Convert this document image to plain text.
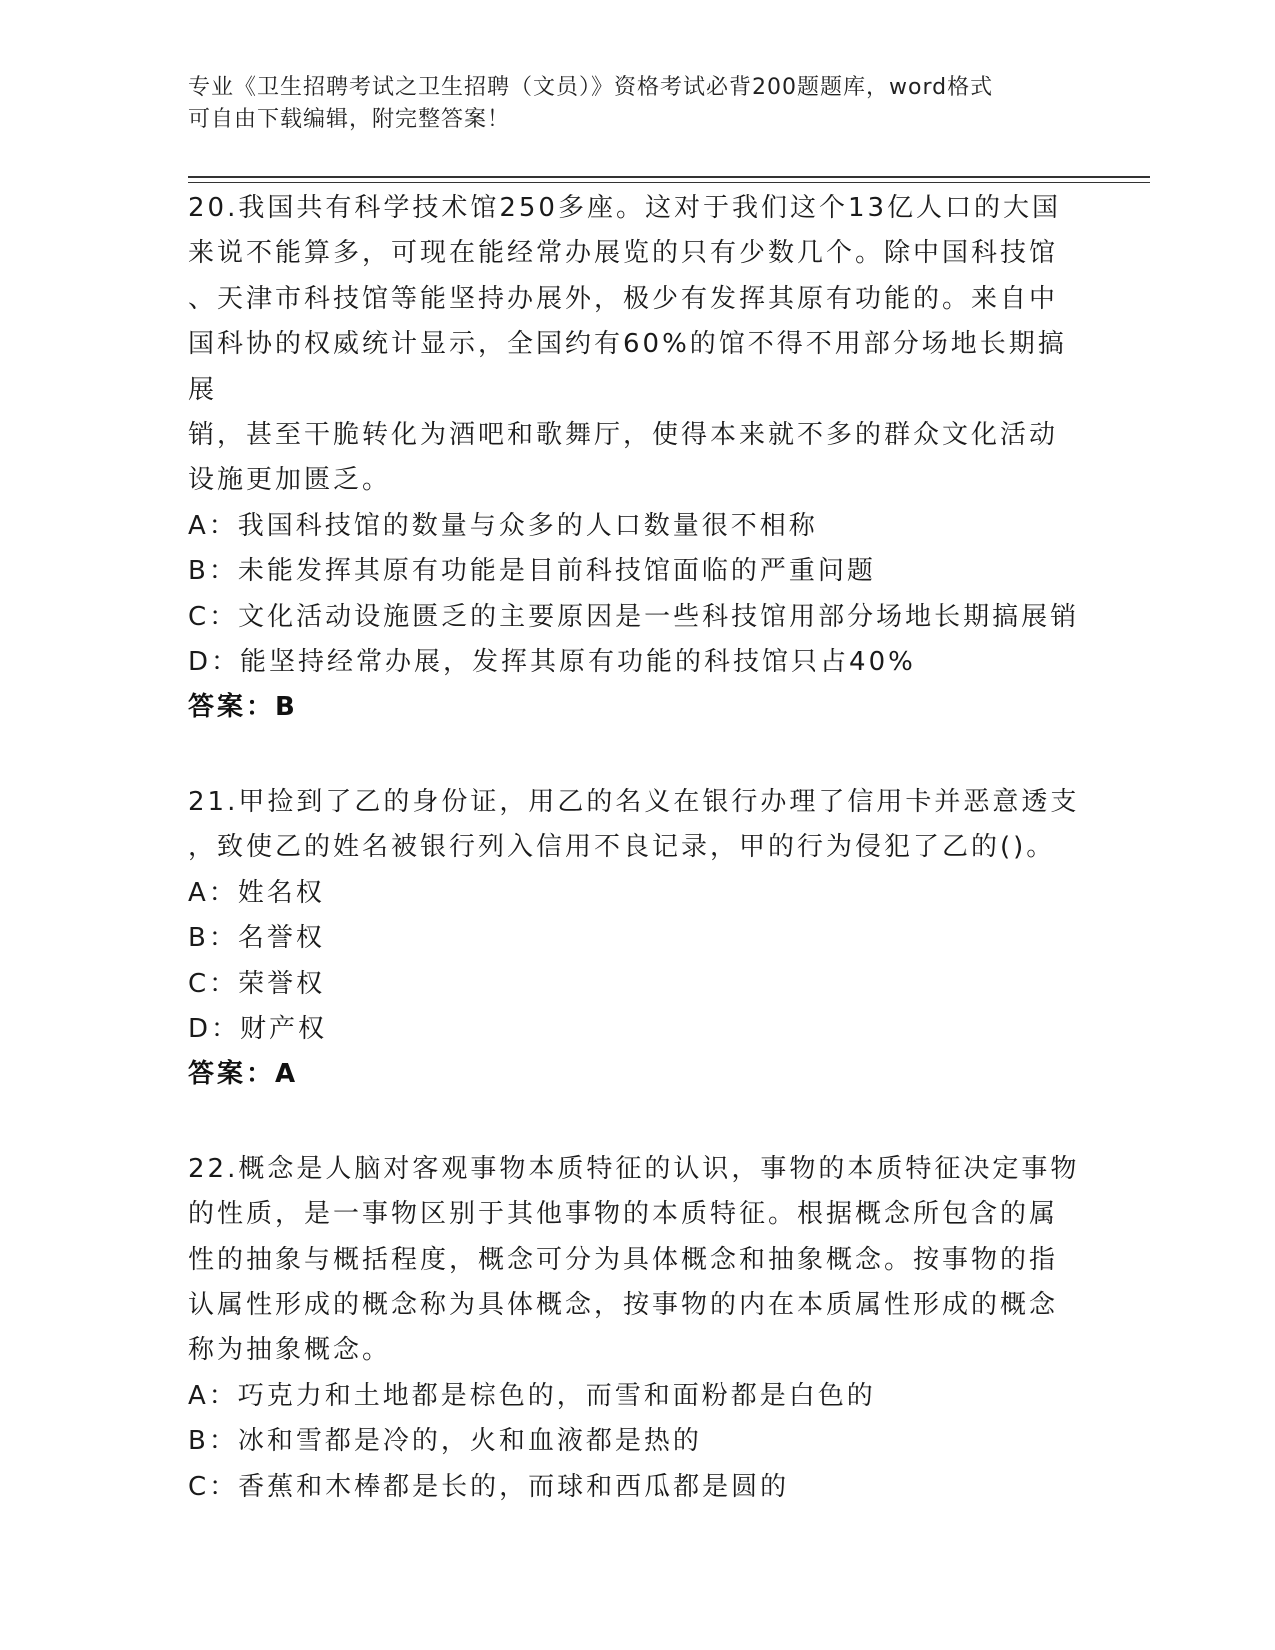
专业《卫生招聘考试之卫生招聘（文员）》资格考试必背200题题库，word格式
可自由下载编辑，附完整答案！
20.我国共有科学技术馆250多座。这对于我们这个13亿人口的大国
来说不能算多，可现在能经常办展览的只有少数几个。除中国科技馆
、天津市科技馆等能坚持办展外，极少有发挥其原有功能的。来自中
国科协的权威统计显示，全国约有60%的馆不得不用部分场地长期搞展
销，甚至干脆转化为酒吧和歌舞厅，使得本来就不多的群众文化活动
设施更加匮乏。
A：我国科技馆的数量与众多的人口数量很不相称
B：未能发挥其原有功能是目前科技馆面临的严重问题
C：文化活动设施匮乏的主要原因是一些科技馆用部分场地长期搞展销
D：能坚持经常办展，发挥其原有功能的科技馆只占40%
答案：B
21.甲捡到了乙的身份证，用乙的名义在银行办理了信用卡并恶意透支
，致使乙的姓名被银行列入信用不良记录，甲的行为侵犯了乙的()。
A：姓名权
B：名誉权
C：荣誉权
D：财产权
答案：A
22.概念是人脑对客观事物本质特征的认识，事物的本质特征决定事物
的性质，是一事物区别于其他事物的本质特征。根据概念所包含的属
性的抽象与概括程度，概念可分为具体概念和抽象概念。按事物的指
认属性形成的概念称为具体概念，按事物的内在本质属性形成的概念
称为抽象概念。
A：巧克力和土地都是棕色的，而雪和面粉都是白色的
B：冰和雪都是冷的，火和血液都是热的
C：香蕉和木棒都是长的，而球和西瓜都是圆的
